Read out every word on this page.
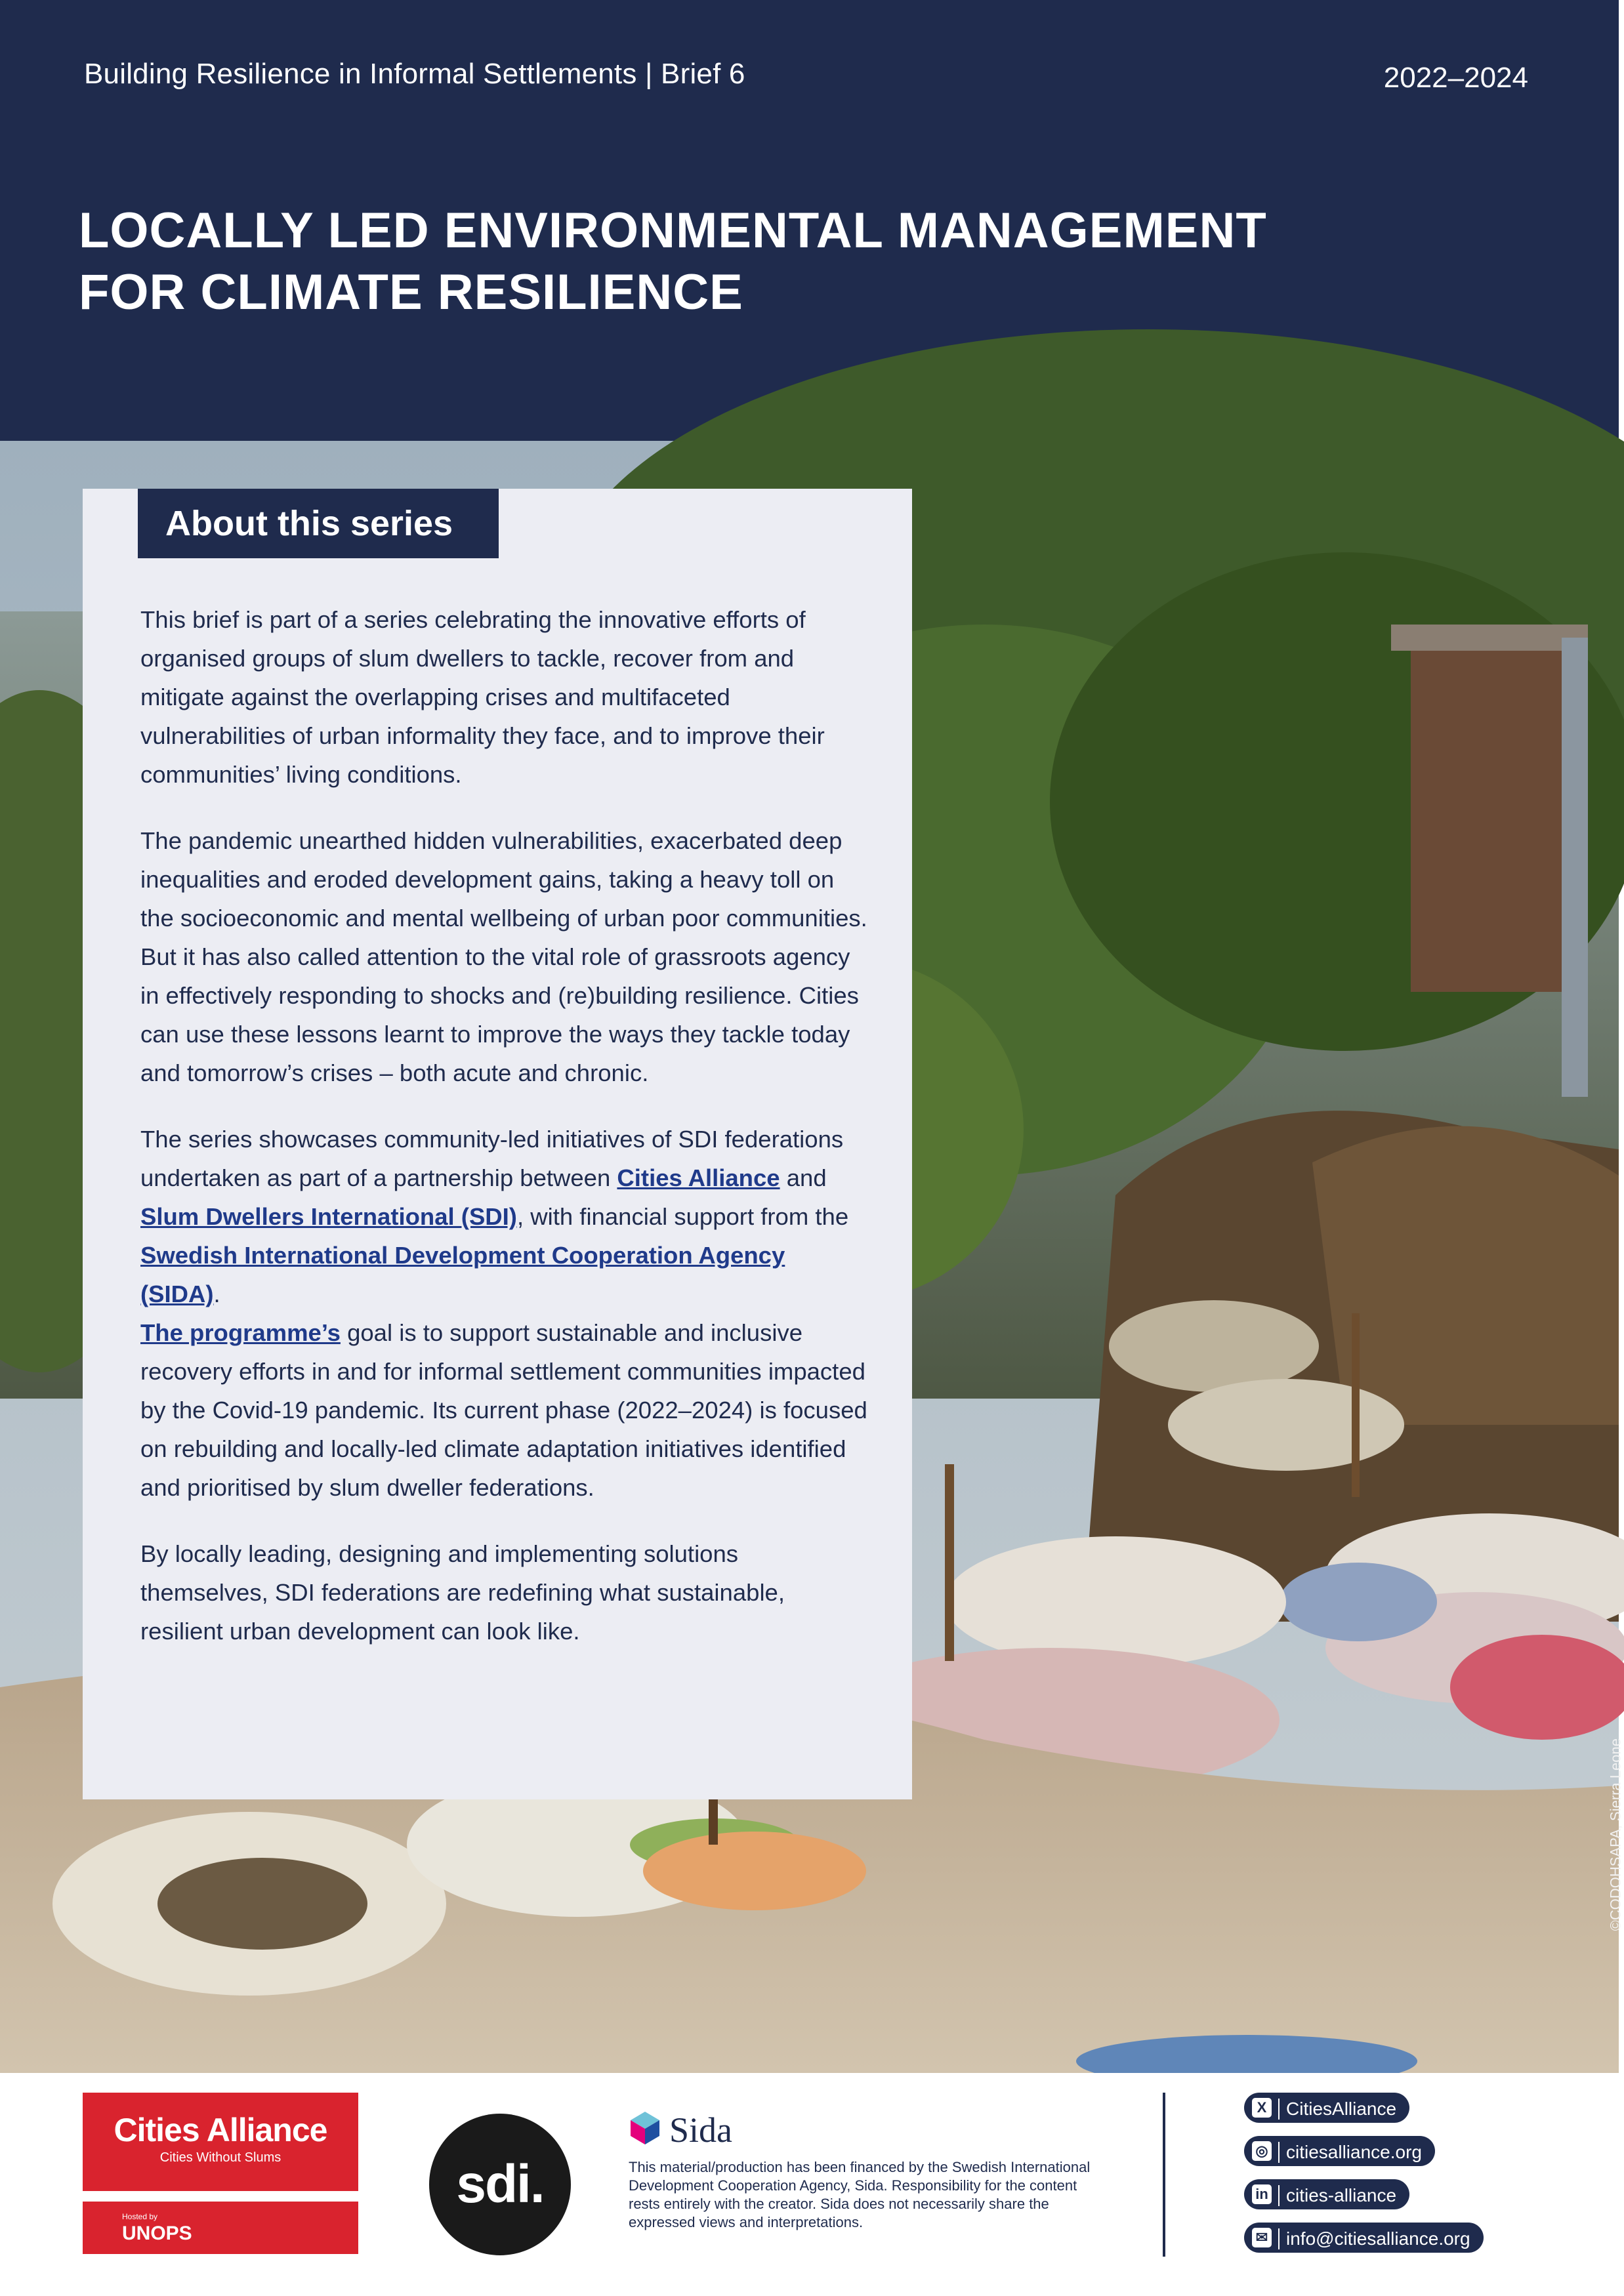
Building Resilience in Informal Settlements | Brief 6	2022–2024
LOCALLY LED ENVIRONMENTAL MANAGEMENT
FOR CLIMATE RESILIENCE
©CODOHSAPA, Sierra Leone
About this series

This brief is part of a series celebrating the innovative efforts of organised groups of slum dwellers to tackle, recover from and mitigate against the overlapping crises and multifaceted vulnerabilities of urban informality they face, and to improve their communities’ living conditions.

The pandemic unearthed hidden vulnerabilities, exacerbated deep inequalities and eroded development gains, taking a heavy toll on the socioeconomic and mental wellbeing of urban poor communities. But it has also called attention to the vital role of grassroots agency in effectively responding to shocks and (re)building resilience. Cities can use these lessons learnt to improve the ways they tackle today and tomorrow’s crises – both acute and chronic.

The series showcases community-led initiatives of SDI federations undertaken as part of a partnership between Cities Alliance and Slum Dwellers International (SDI), with financial support from the Swedish International Development Cooperation Agency (SIDA).

The programme’s goal is to support sustainable and inclusive recovery efforts in and for informal settlement communities impacted by the Covid-19 pandemic. Its current phase (2022–2024) is focused on rebuilding and locally-led climate adaptation initiatives identified and prioritised by slum dweller federations.

By locally leading, designing and implementing solutions themselves, SDI federations are redefining what sustainable, resilient urban development can look like.

Cities Alliance
Cities Without Slums
Hosted by
UNOPS
sdi.
Sida
This material/production has been financed by the Swedish International Development Cooperation Agency, Sida. Responsibility for the content rests entirely with the creator. Sida does not necessarily share the expressed views and interpretations.
X CitiesAlliance
◎ citiesalliance.org
in cities-alliance
✉ info@citiesalliance.org
